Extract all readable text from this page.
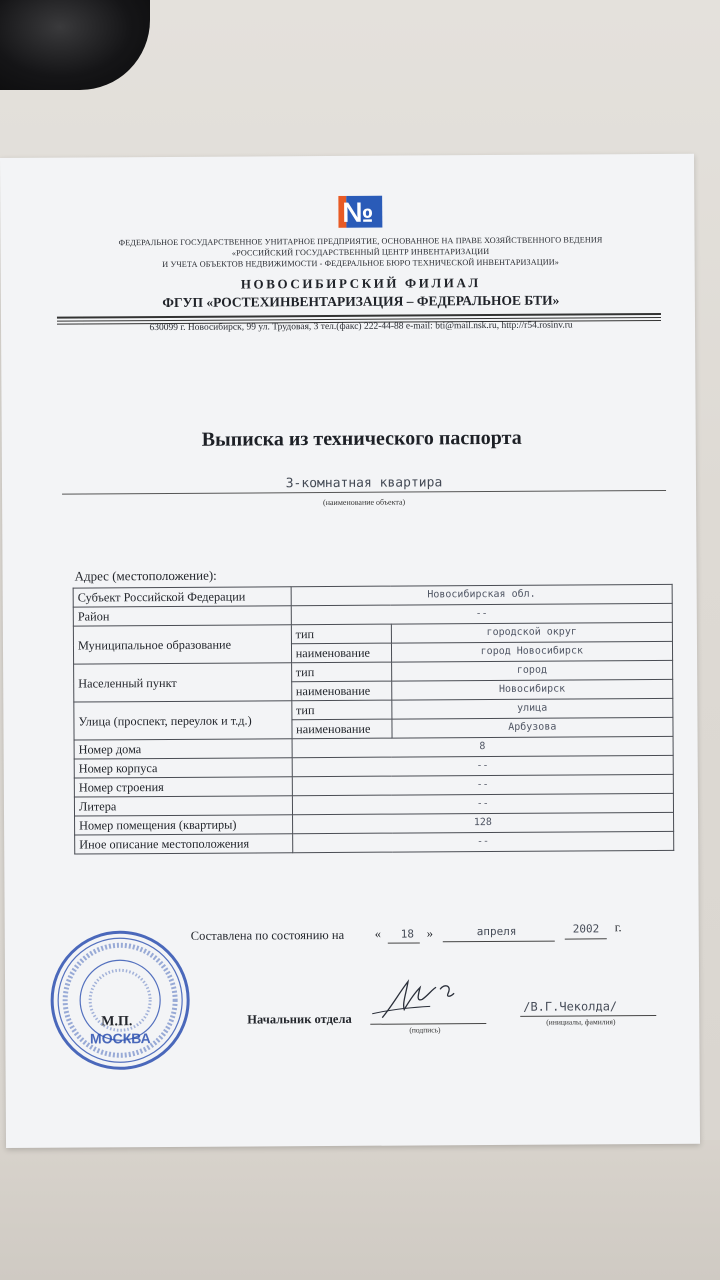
№
ФЕДЕРАЛЬНОЕ ГОСУДАРСТВЕННОЕ УНИТАРНОЕ ПРЕДПРИЯТИЕ, ОСНОВАННОЕ НА ПРАВЕ ХОЗЯЙСТВЕННОГО ВЕДЕНИЯ
«РОССИЙСКИЙ ГОСУДАРСТВЕННЫЙ ЦЕНТР ИНВЕНТАРИЗАЦИИ
И УЧЕТА ОБЪЕКТОВ НЕДВИЖИМОСТИ - ФЕДЕРАЛЬНОЕ БЮРО ТЕХНИЧЕСКОЙ ИНВЕНТАРИЗАЦИИ»
НОВОСИБИРСКИЙ ФИЛИАЛ
ФГУП «РОСТЕХИНВЕНТАРИЗАЦИЯ – ФЕДЕРАЛЬНОЕ БТИ»
630099 г. Новосибирск, 99 ул. Трудовая, 3 тел.(факс) 222-44-88 e-mail: bti@mail.nsk.ru, http://r54.rosinv.ru
Выписка из технического паспорта
3-комнатная квартира
(наименование объекта)
Адрес (местоположение):
Субъект Российской Федерации	Новосибирская обл.	
Район	--	
Муниципальное образование	тип	городской округ
	наименование	город Новосибирск
Населенный пункт	тип	город
	наименование	Новосибирск
Улица (проспект, переулок и т.д.)	тип	улица
	наименование	Арбузова
Номер дома	8	
Номер корпуса	--	
Номер строения	--	
Литера	--	
Номер помещения (квартиры)	128	
Иное описание местоположения	--	
Составлена по состоянию на « 18 »	апреля	2002 г.
МОСКВА
М.П.	Начальник отдела
(подпись)
/В.Г.Чеколда/
(инициалы, фамилия)
